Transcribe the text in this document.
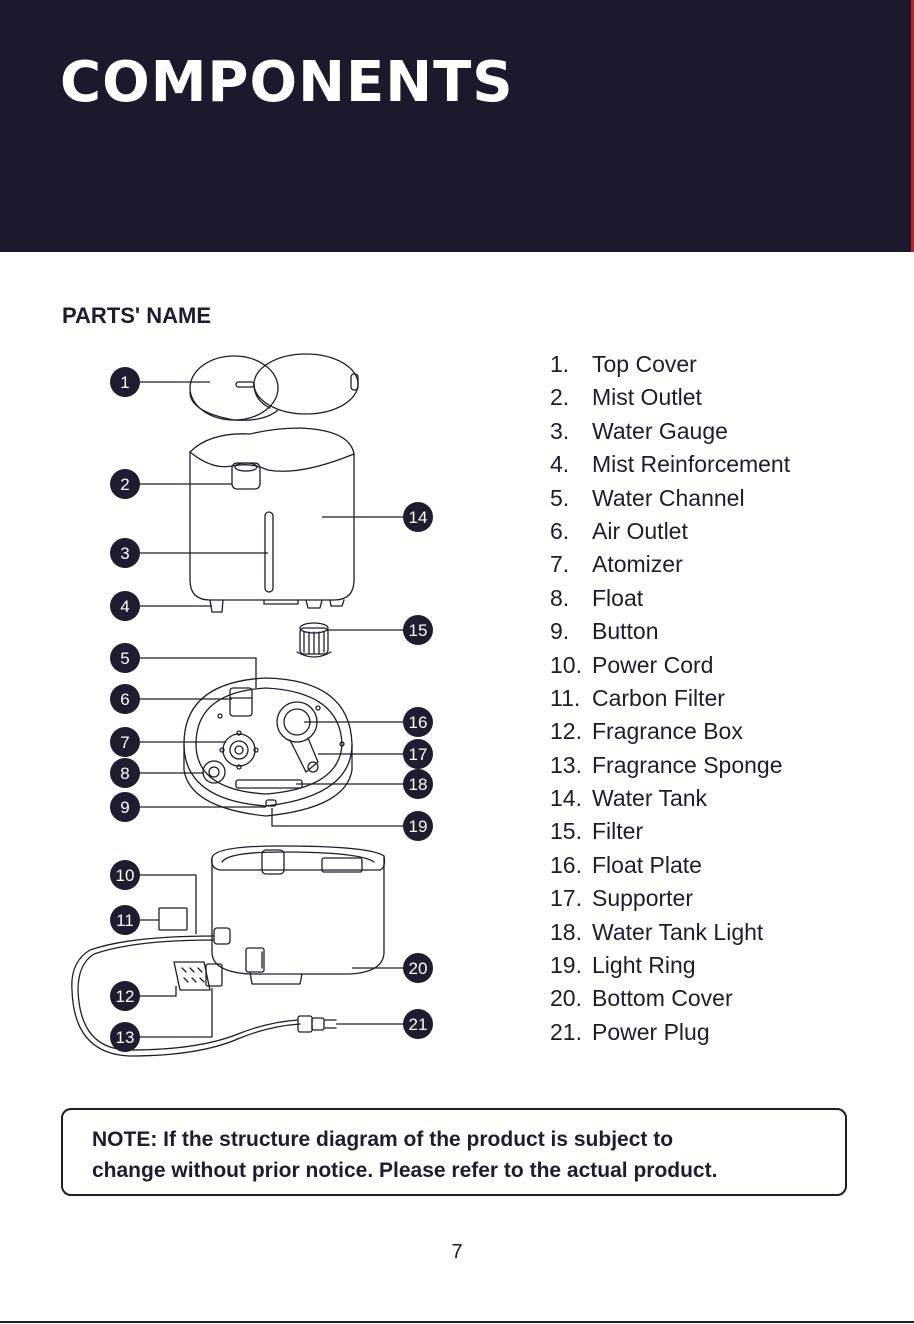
COMPONENTS
PARTS' NAME
1
2
3
4
5
6
7
8
9
10
11
12
13
14
15
16
17
18
19
20
21
1. Top Cover
2. Mist Outlet
3. Water Gauge
4. Mist Reinforcement
5. Water Channel
6. Air Outlet
7. Atomizer
8. Float
9. Button
10. Power Cord
11. Carbon Filter
12. Fragrance Box
13. Fragrance Sponge
14. Water Tank
15. Filter
16. Float Plate
17. Supporter
18. Water Tank Light
19. Light Ring
20. Bottom Cover
21. Power Plug

NOTE: If the structure diagram of the product is subject to
change without prior notice. Please refer to the actual product.

7
